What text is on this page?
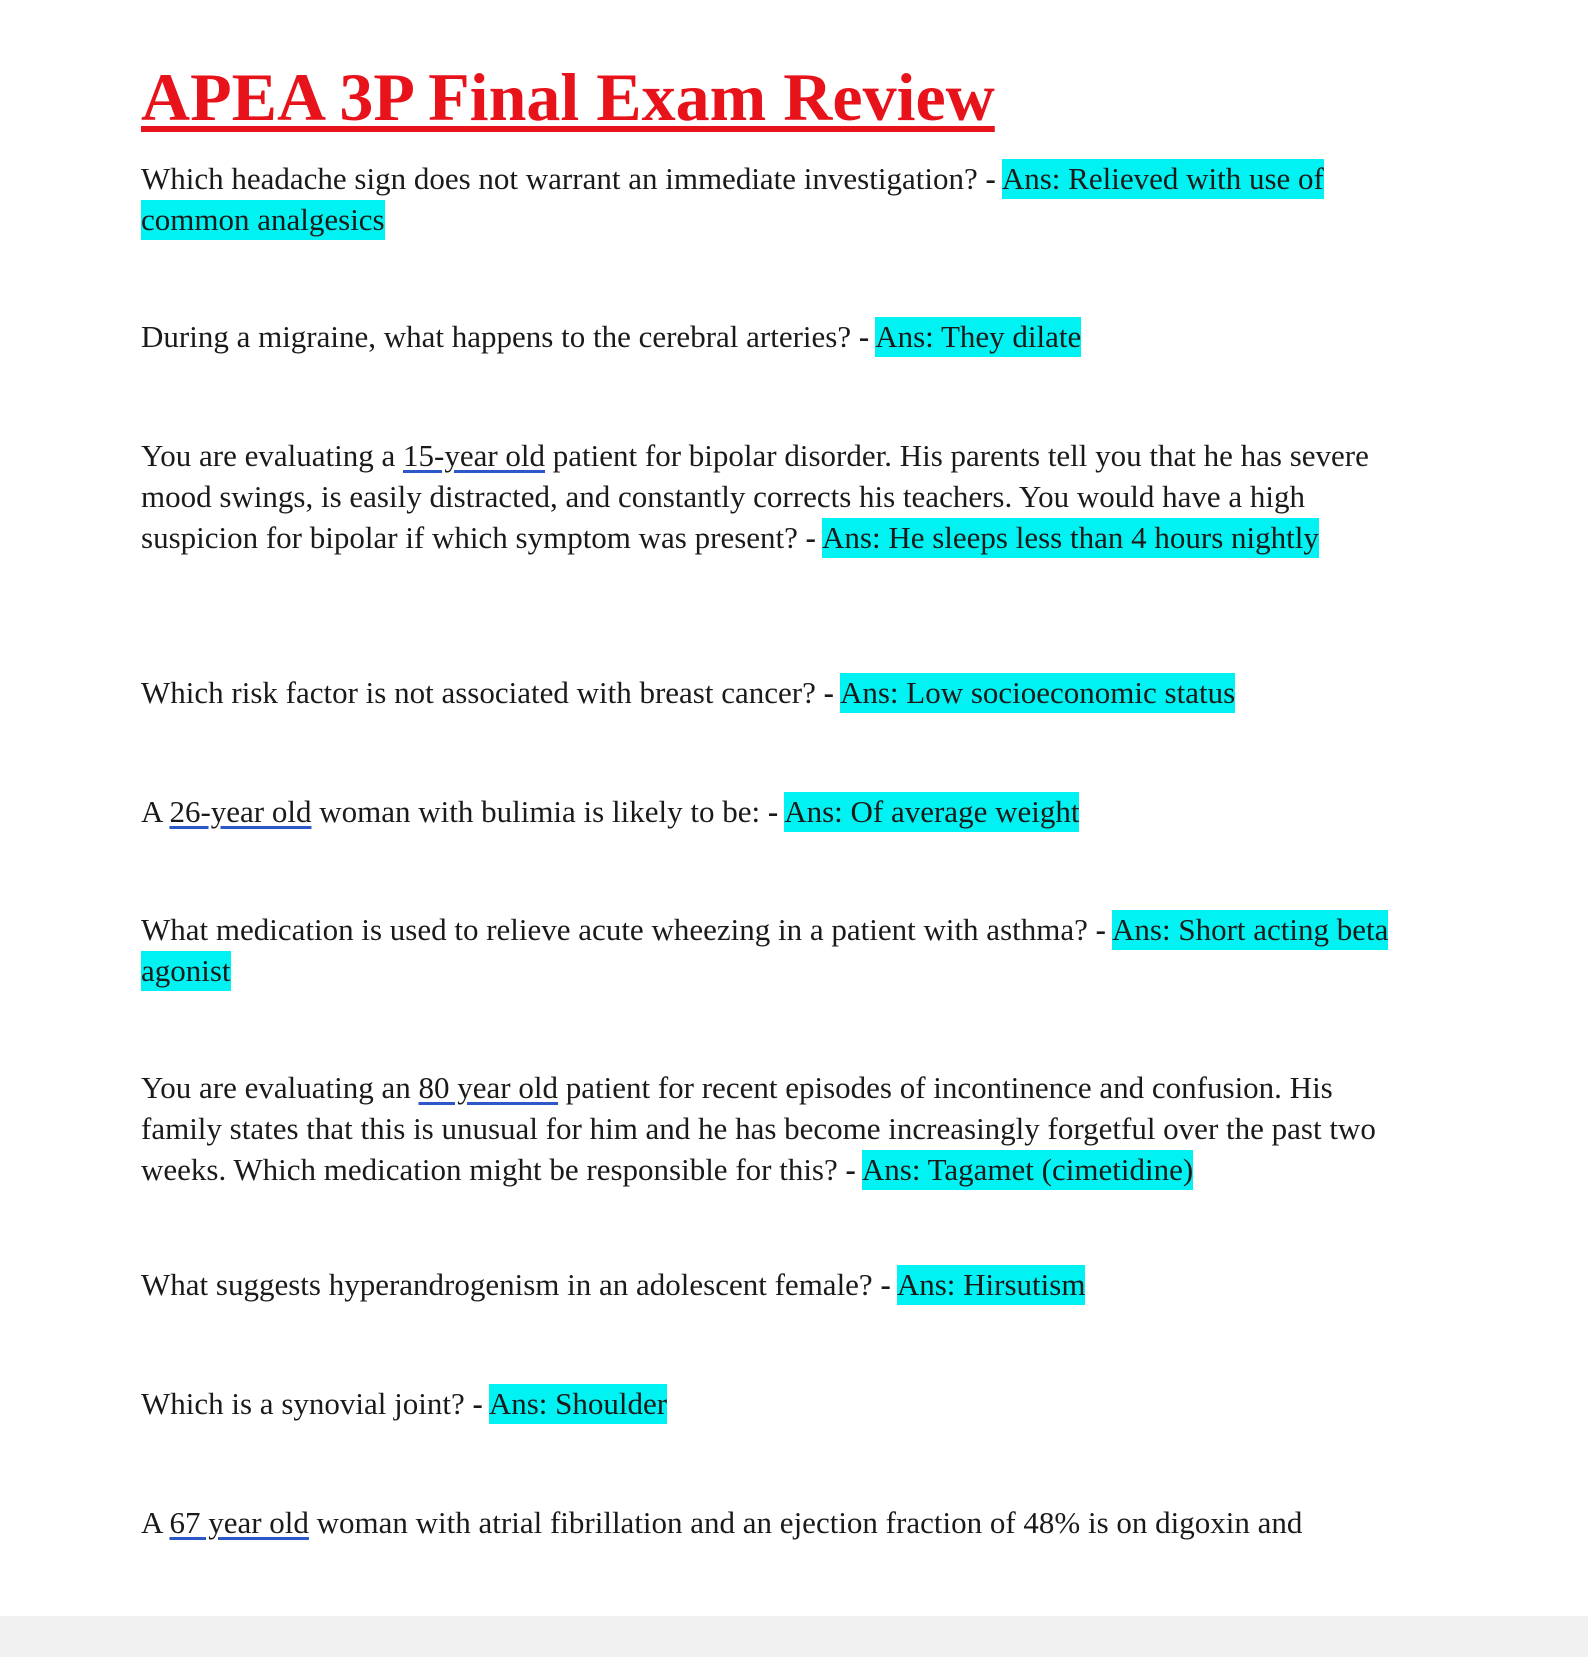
APEA 3P Final Exam Review

Which headache sign does not warrant an immediate investigation? - Ans: Relieved with use of common analgesics

During a migraine, what happens to the cerebral arteries? - Ans: They dilate

You are evaluating a 15-year old patient for bipolar disorder. His parents tell you that he has severe mood swings, is easily distracted, and constantly corrects his teachers. You would have a high suspicion for bipolar if which symptom was present? - Ans: He sleeps less than 4 hours nightly

Which risk factor is not associated with breast cancer? - Ans: Low socioeconomic status

A 26-year old woman with bulimia is likely to be: - Ans: Of average weight

What medication is used to relieve acute wheezing in a patient with asthma? - Ans: Short acting beta agonist

You are evaluating an 80 year old patient for recent episodes of incontinence and confusion. His family states that this is unusual for him and he has become increasingly forgetful over the past two weeks. Which medication might be responsible for this? - Ans: Tagamet (cimetidine)

What suggests hyperandrogenism in an adolescent female? - Ans: Hirsutism

Which is a synovial joint? - Ans: Shoulder

A 67 year old woman with atrial fibrillation and an ejection fraction of 48% is on digoxin and
